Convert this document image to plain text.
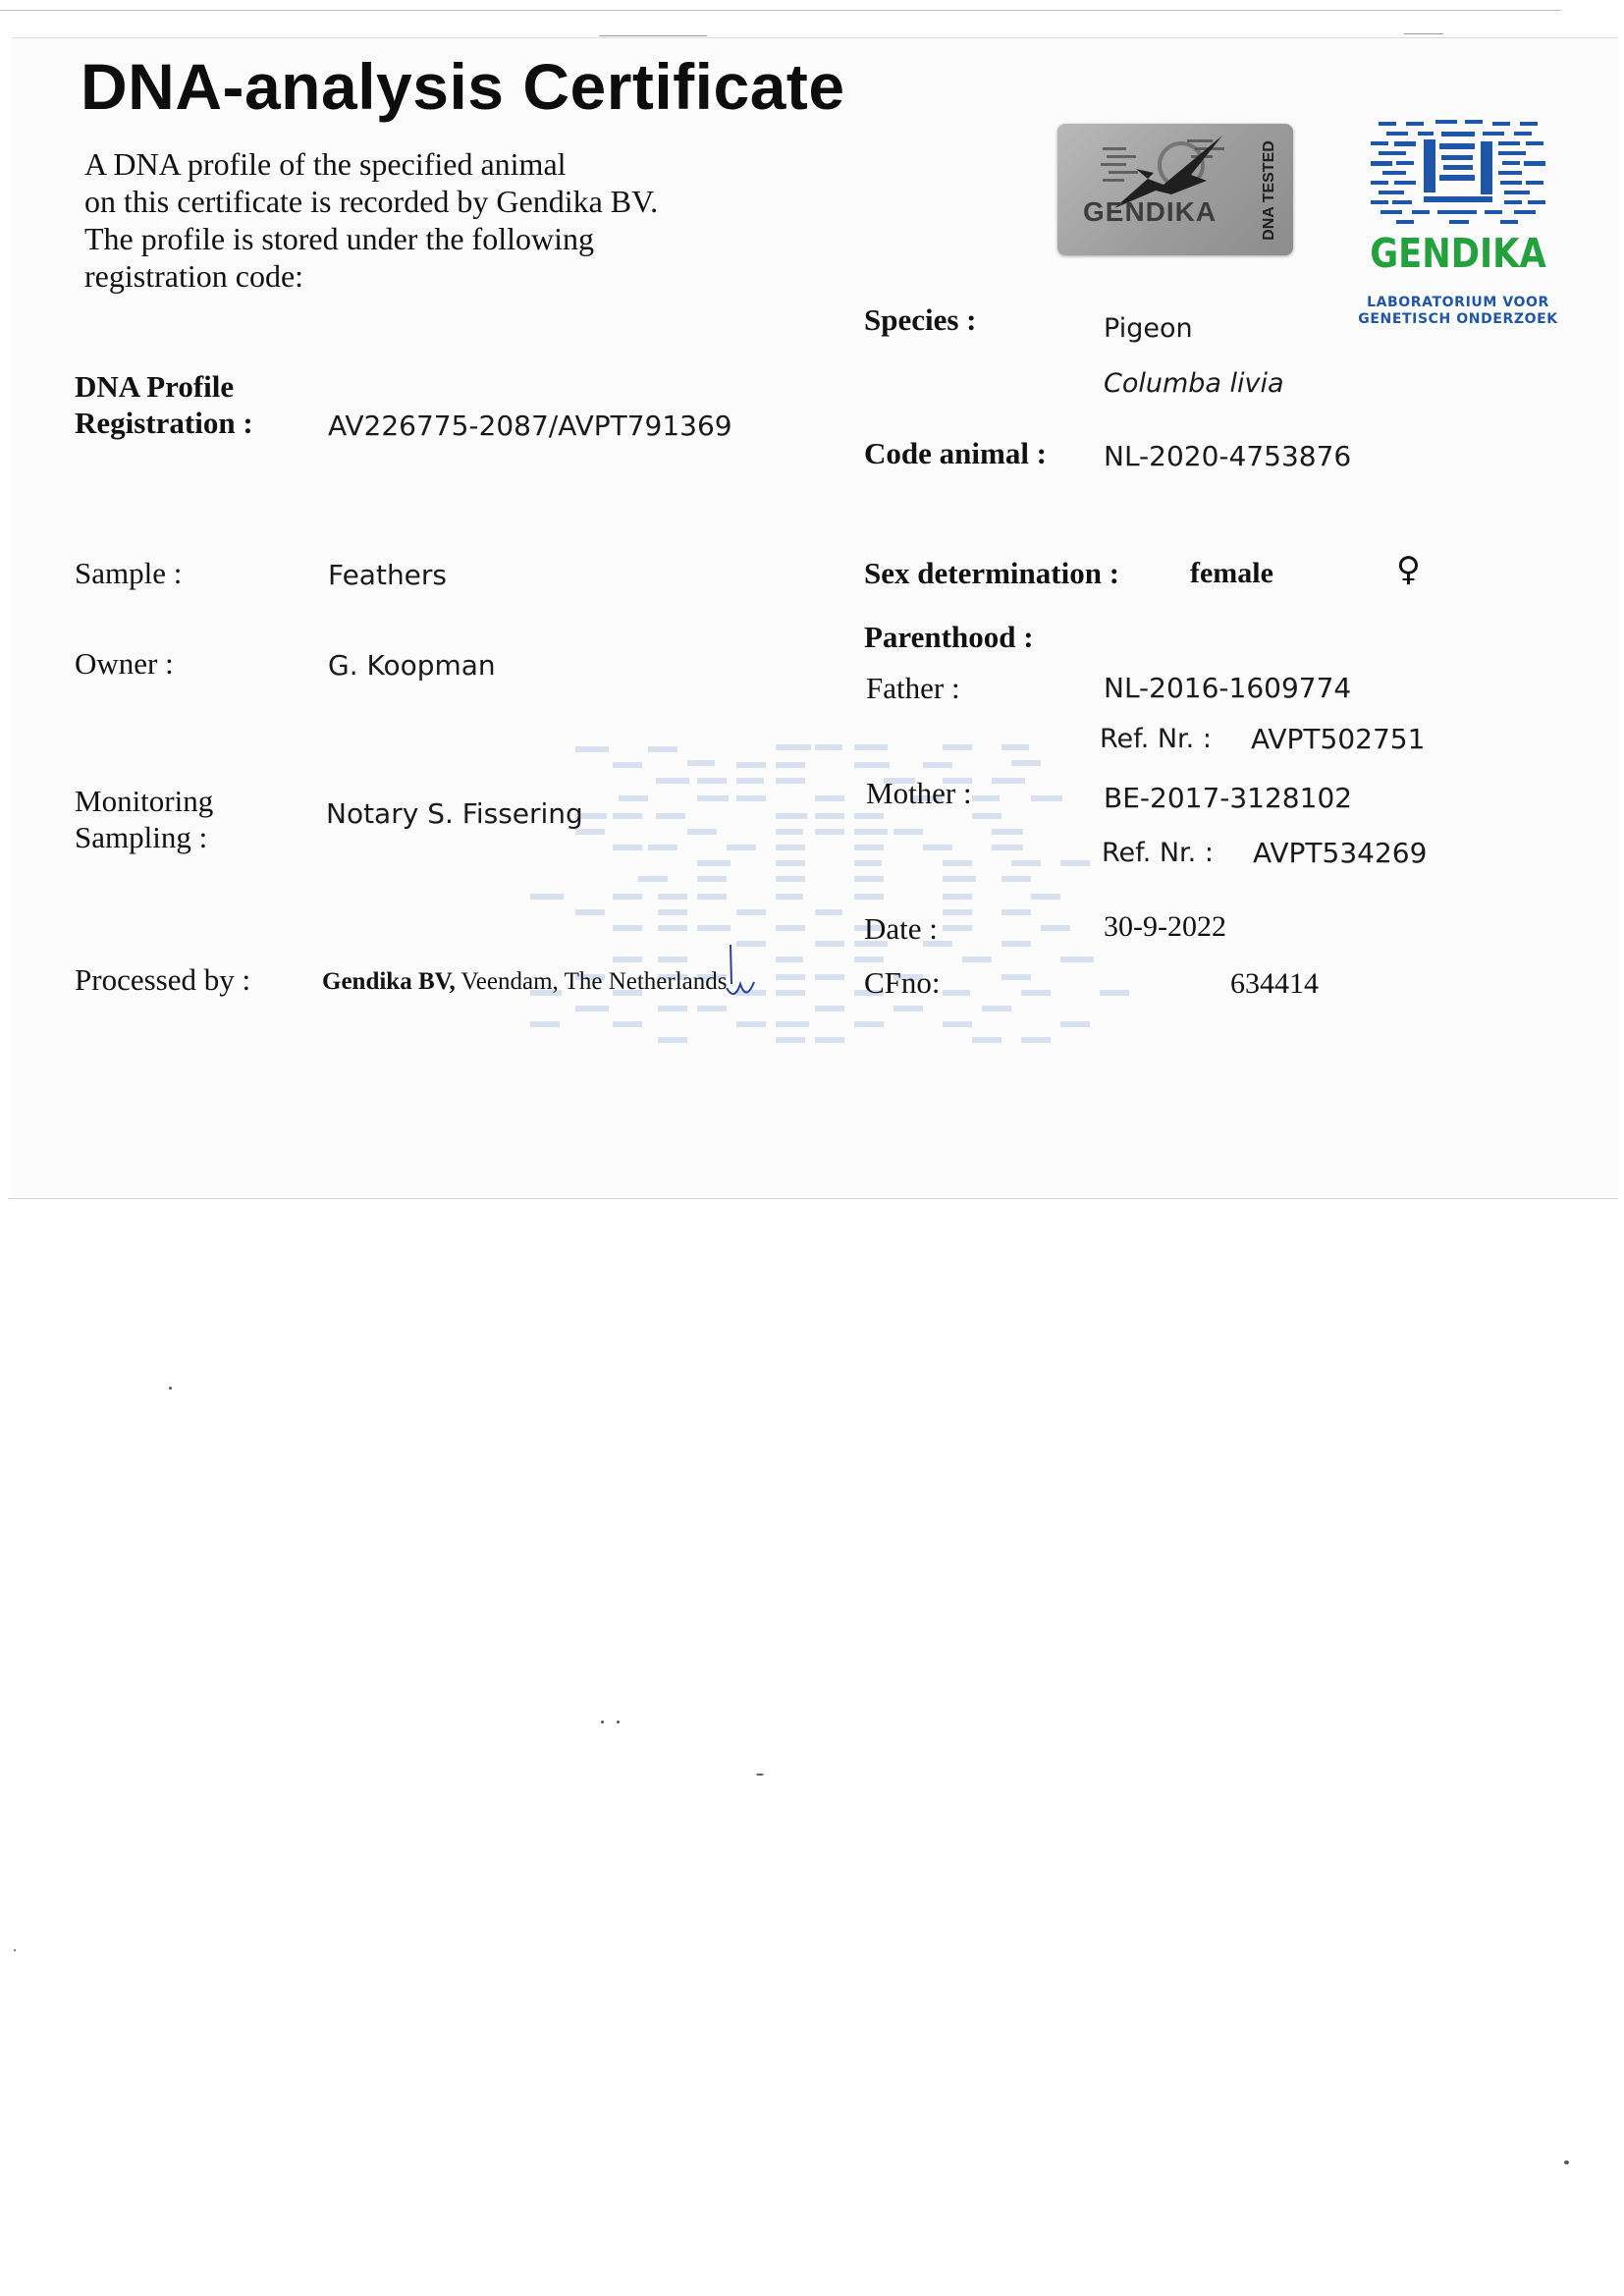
DNA-analysis Certificate
A DNA profile of the specified animal
on this certificate is recorded by Gendika BV.
The profile is stored under the following
registration code:
GENDIKA	DNA TESTED
GENDIKA
LABORATORIUM VOOR
GENETISCH ONDERZOEK
DNA Profile
Registration :	AV226775-2087/AVPT791369
Sample :	Feathers
Owner :	G. Koopman
Monitoring
Sampling :
Notary S. Fissering
Processed by :	Gendika BV, Veendam, The Netherlands
Species :	Pigeon
Columba livia
Code animal : NL-2020-4753876
Sex determination : female	♀
Parenthood :
Father :	NL-2016-1609774
Ref. Nr. : AVPT502751
Mother :	BE-2017-3128102
Ref. Nr. : AVPT534269
Date :	30-9-2022
CFno:	634414
